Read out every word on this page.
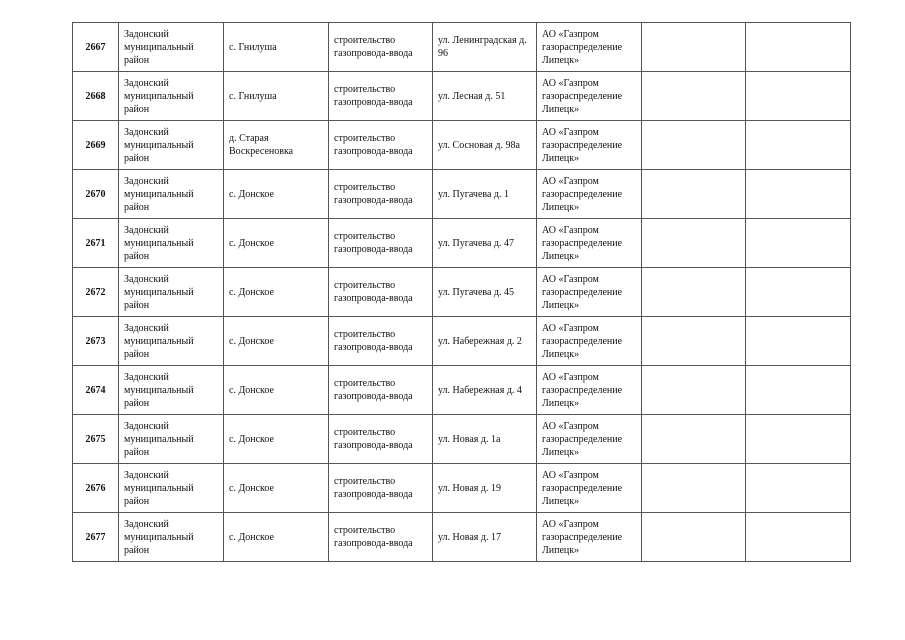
2667	Задонский муниципальный район	с. Гнилуша	строительство газопровода-ввода	ул. Ленинградская д. 96	АО «Газпром газораспределение Липецк»		
2668	Задонский муниципальный район	с. Гнилуша	строительство газопровода-ввода	ул. Лесная д. 51	АО «Газпром газораспределение Липецк»		
2669	Задонский муниципальный район	д. Старая Воскресеновка	строительство газопровода-ввода	ул. Сосновая д. 98а	АО «Газпром газораспределение Липецк»		
2670	Задонский муниципальный район	с. Донское	строительство газопровода-ввода	ул. Пугачева д. 1	АО «Газпром газораспределение Липецк»		
2671	Задонский муниципальный район	с. Донское	строительство газопровода-ввода	ул. Пугачева д. 47	АО «Газпром газораспределение Липецк»		
2672	Задонский муниципальный район	с. Донское	строительство газопровода-ввода	ул. Пугачева д. 45	АО «Газпром газораспределение Липецк»		
2673	Задонский муниципальный район	с. Донское	строительство газопровода-ввода	ул. Набережная д. 2	АО «Газпром газораспределение Липецк»		
2674	Задонский муниципальный район	с. Донское	строительство газопровода-ввода	ул. Набережная д. 4	АО «Газпром газораспределение Липецк»		
2675	Задонский муниципальный район	с. Донское	строительство газопровода-ввода	ул. Новая д. 1а	АО «Газпром газораспределение Липецк»		
2676	Задонский муниципальный район	с. Донское	строительство газопровода-ввода	ул. Новая д. 19	АО «Газпром газораспределение Липецк»		
2677	Задонский муниципальный район	с. Донское	строительство газопровода-ввода	ул. Новая д. 17	АО «Газпром газораспределение Липецк»		
